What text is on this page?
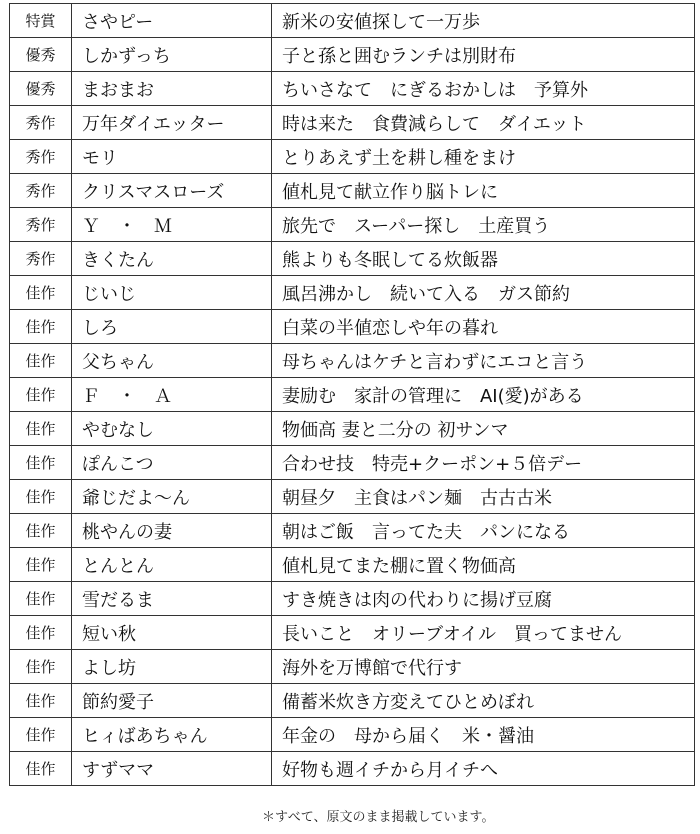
特賞	さやピー	新米の安値探して一万歩
優秀	しかずっち	子と孫と囲むランチは別財布
優秀	まおまお	ちいさなて　にぎるおかしは　予算外
秀作	万年ダイエッター	時は来た　食費減らして　ダイエット
秀作	モリ	とりあえず土を耕し種をまけ
秀作	クリスマスローズ	値札見て献立作り脳トレに
秀作	Ｙ　・　Ｍ	旅先で　スーパー探し　土産買う
秀作	きくたん	熊よりも冬眠してる炊飯器
佳作	じいじ	風呂沸かし　続いて入る　ガス節約
佳作	しろ	白菜の半値恋しや年の暮れ
佳作	父ちゃん	母ちゃんはケチと言わずにエコと言う
佳作	Ｆ　・　Ａ	妻励む　家計の管理に　AI(愛)がある
佳作	やむなし	物価高 妻と二分の 初サンマ
佳作	ぽんこつ	合わせ技　特売+クーポン+５倍デー
佳作	爺じだよ～ん	朝昼夕　主食はパン麺　古古古米
佳作	桃やんの妻	朝はご飯　言ってた夫　パンになる
佳作	とんとん	値札見てまた棚に置く物価高
佳作	雪だるま	すき焼きは肉の代わりに揚げ豆腐
佳作	短い秋	長いこと　オリーブオイル　買ってません
佳作	よし坊	海外を万博館で代行す
佳作	節約愛子	備蓄米炊き方変えてひとめぼれ
佳作	ヒィばあちゃん	年金の　母から届く　米・醤油
佳作	すずママ	好物も週イチから月イチへ
＊すべて、原文のまま掲載しています。
